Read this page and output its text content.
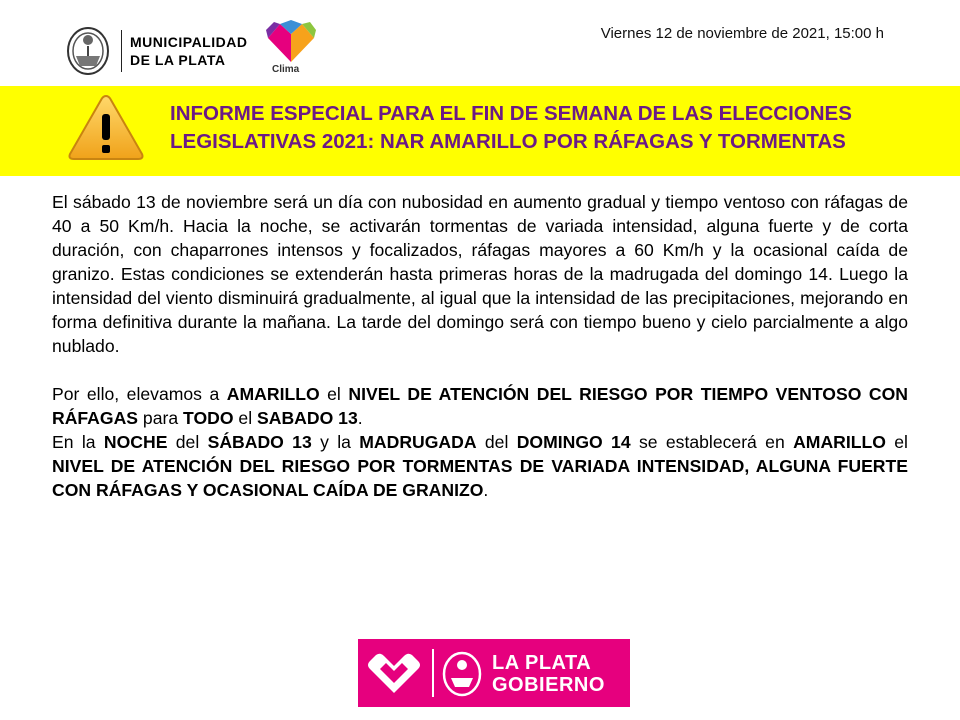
MUNICIPALIDAD
DE LA PLATA
Clima
Viernes 12 de noviembre de 2021, 15:00 h
INFORME ESPECIAL PARA EL FIN DE SEMANA DE LAS ELECCIONES
LEGISLATIVAS 2021: NAR AMARILLO POR RÁFAGAS Y TORMENTAS

El sábado 13 de noviembre será un día con nubosidad en aumento gradual y tiempo ventoso con ráfagas de 40 a 50 Km/h. Hacia la noche, se activarán tormentas de variada intensidad, alguna fuerte y de corta duración, con chaparrones intensos y focalizados, ráfagas mayores a 60 Km/h y la ocasional caída de granizo. Estas condiciones se extenderán hasta primeras horas de la madrugada del domingo 14. Luego la intensidad del viento disminuirá gradualmente, al igual que la intensidad de las precipitaciones, mejorando en forma definitiva durante la mañana. La tarde del domingo será con tiempo bueno y cielo parcialmente a algo nublado.

Por ello, elevamos a AMARILLO el NIVEL DE ATENCIÓN DEL RIESGO POR TIEMPO VENTOSO CON RÁFAGAS para TODO el SABADO 13.

En la NOCHE del SÁBADO 13 y la MADRUGADA del DOMINGO 14 se establecerá en AMARILLO el NIVEL DE ATENCIÓN DEL RIESGO POR TORMENTAS DE VARIADA INTENSIDAD, ALGUNA FUERTE CON RÁFAGAS Y OCASIONAL CAÍDA DE GRANIZO.

LA PLATA
GOBIERNO
